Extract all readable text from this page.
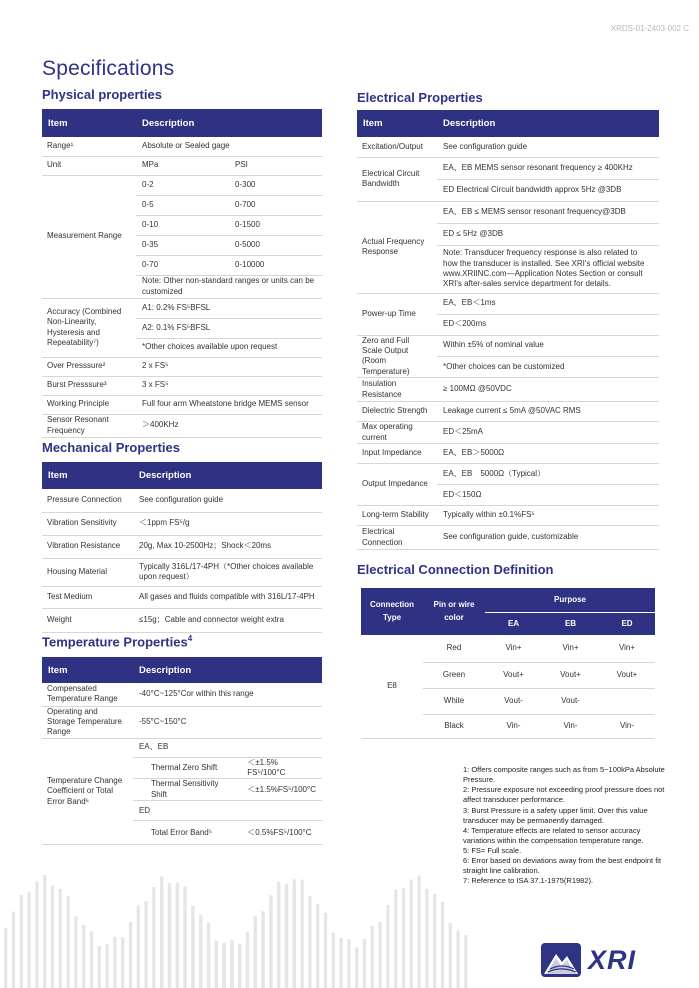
XRDS-01-2403-002 C
Specifications
Physical properties
Item	Description	
Range¹	Absolute or Sealed gage	
Unit	MPa	PSI
Measurement Range	0-2	0-300
	0-5	0-700
	0-10	0-1500
	0-35	0-5000
	0-70	0-10000
	Note: Other non-standard ranges or units can be customized	
Accuracy (Combined Non-Linearity, Hysteresis and Repeatability⁷)	A1: 0.2% FS⁵BFSL	
	A2: 0.1% FS⁵BFSL	
	*Other choices available upon request	
Over Presssure²	2 x FS⁵	
Burst Presssure³	3 x FS⁵	
Working Principle	Full four arm Wheatstone bridge MEMS sensor	
Sensor Resonant Frequency	＞400KHz	
Mechanical Properties
Item	Description
Pressure Connection	See configuration guide
Vibration Sensitivity	＜1ppm FS⁵/g
Vibration Resistance	20g, Max 10-2500Hz；Shock＜20ms
Housing Material	Typically 316L/17-4PH（*Other choices available upon request）
Test Medium	All gases and fluids compatible with 316L/17-4PH
Weight	≤15g；Cable and connector weight extra
Temperature Properties$^4$
Item	Description		
Compensated Temperature Range	-40°C~125°Cor within this range		
Operating and Storage Temperature Range	-55°C~150°C		
Temperature Change Coefficient or Total Error Band⁶	EA、EB		
		Thermal Zero Shift	＜±1.5% FS⁵/100°C
		Thermal Sensitivity Shift	＜±1.5%FS⁵/100°C
	ED		
		Total Error Band⁵	＜0.5%FS⁵/100°C
Electrical Properties
Item	Description
Excitation/Output	See configuration guide
Electrical Circuit Bandwidth	EA、EB MEMS sensor resonant frequency ≥ 400KHz
	ED Electrical Circuit bandwidth approx 5Hz @3DB
Actual Frequency Response	EA、EB ≤ MEMS sensor resonant frequency@3DB
	ED ≤ 5Hz @3DB
	Note: Transducer frequency response is also related to how the transducer is installed. See XRI's official website www.XRIINC.com—Application Notes Section or consult XRI's after-sales service department for details.
Power-up Time	EA、EB＜1ms
	ED＜200ms
Zero and Full Scale Output (Room Temperature)	Within ±5% of nominal value
	*Other choices can be customized
Insulation Resistance	≥ 100MΩ @50VDC
Dielectric Strength	Leakage current ≤ 5mA @50VAC RMS
Max operating current	ED＜25mA
Input Impedance	EA、EB＞5000Ω
Output Impedance	EA、EB　5000Ω（Typical）
	ED＜150Ω
Long-term Stability	Typically within ±0.1%FS⁵
Electrical Connection	See configuration guide, customizable
Electrical Connection Definition
Connection Type	Pin or wire color	Purpose		
		EA	EB	ED
E8	Red	Vin+	Vin+	Vin+
	Green	Vout+	Vout+	Vout+
	White	Vout-	Vout-	
	Black	Vin-	Vin-	Vin-
1: Offers composite ranges such as from 5~100kPa Absolute Pressure.
2: Pressure exposure not exceeding proof pressure does not affect transducer performance.
3: Burst Pressure is a safety upper limit. Over this value transducer may be permanently damaged.
4: Temperature effects are related to sensor accuracy variations within the compensation temperature range.
5: FS= Full scale.
6: Error based on deviations away from the best endpoint fit straight line calibration.
7: Reference to ISA 37.1-1975(R1982).
XRI
